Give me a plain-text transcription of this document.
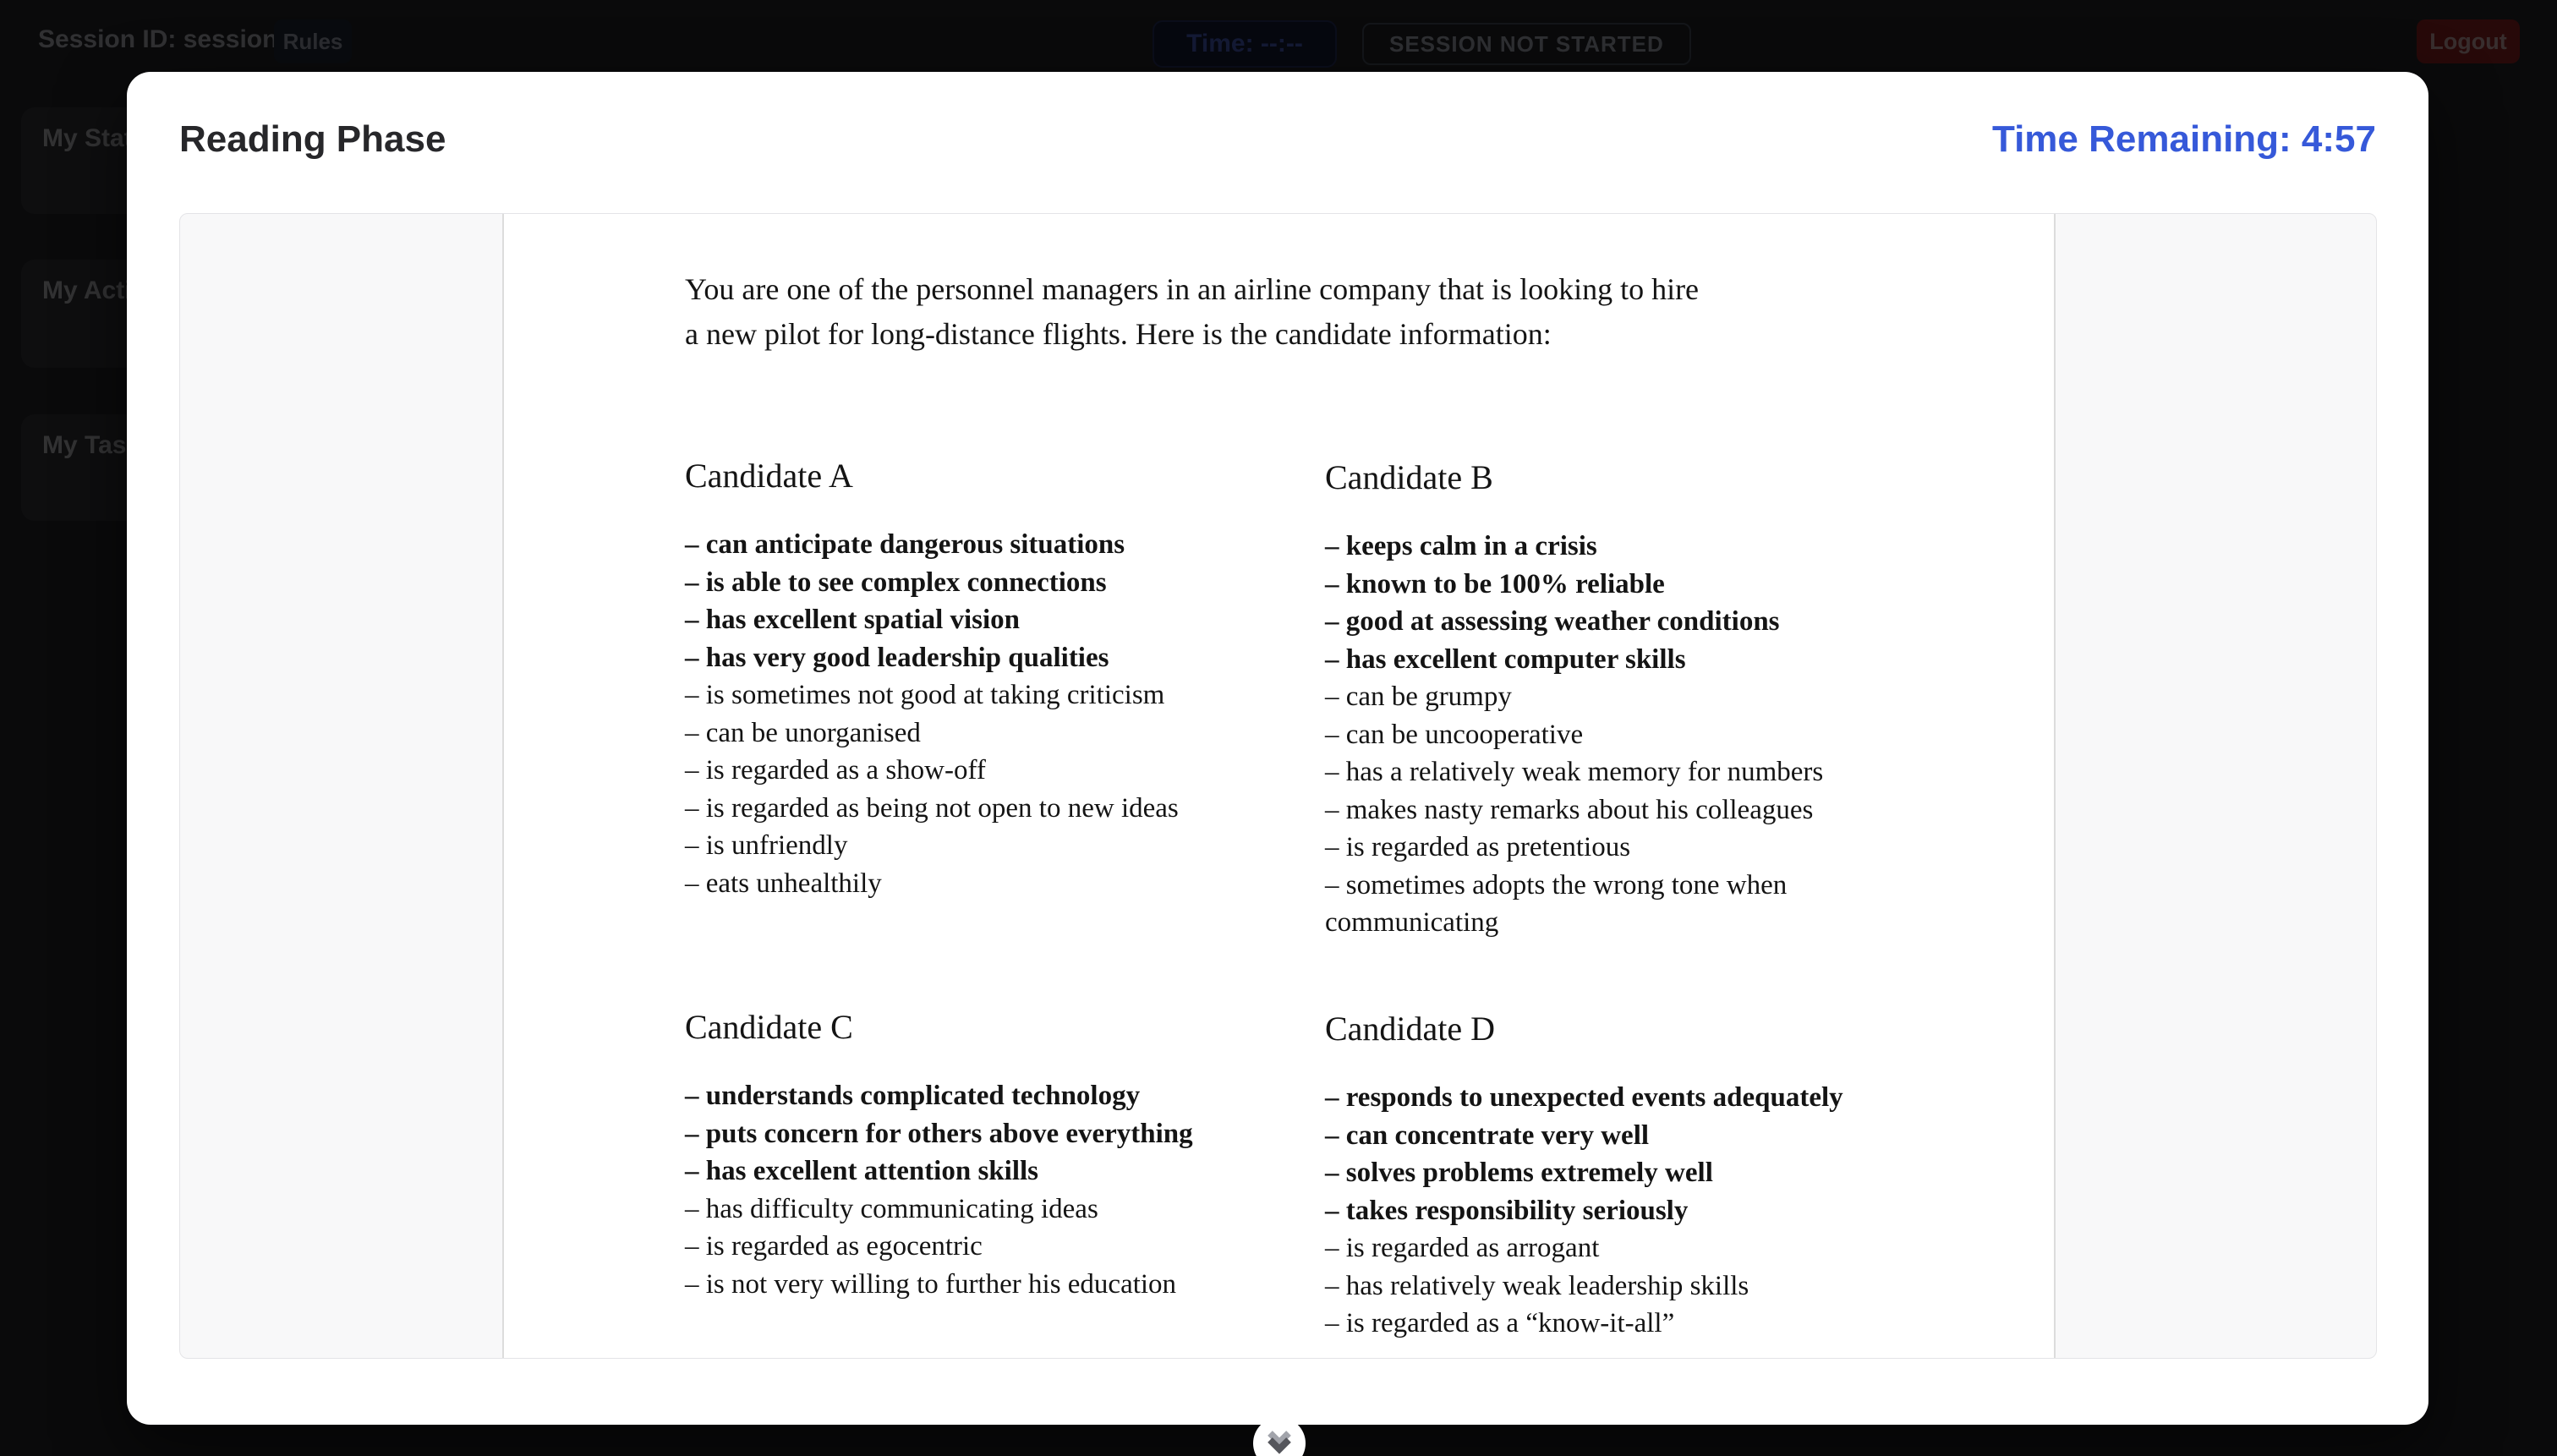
Reading Phase	Time Remaining: 4:57
You are one of the personnel managers in an airline company that is looking to hire
a new pilot for long-distance flights. Here is the candidate information:
Candidate A
– can anticipate dangerous situations
– is able to see complex connections
– has excellent spatial vision
– has very good leadership qualities
– is sometimes not good at taking criticism
– can be unorganised
– is regarded as a show-off
– is regarded as being not open to new ideas
– is unfriendly
– eats unhealthily
Candidate B
– keeps calm in a crisis
– known to be 100% reliable
– good at assessing weather conditions
– has excellent computer skills
– can be grumpy
– can be uncooperative
– has a relatively weak memory for numbers
– makes nasty remarks about his colleagues
– is regarded as pretentious
– sometimes adopts the wrong tone when communicating
Candidate C
– understands complicated technology
– puts concern for others above everything
– has excellent attention skills
– has difficulty communicating ideas
– is regarded as egocentric
– is not very willing to further his education
Candidate D
– responds to unexpected events adequately
– can concentrate very well
– solves problems extremely well
– takes responsibility seriously
– is regarded as arrogant
– has relatively weak leadership skills
– is regarded as a “know-it-all”
